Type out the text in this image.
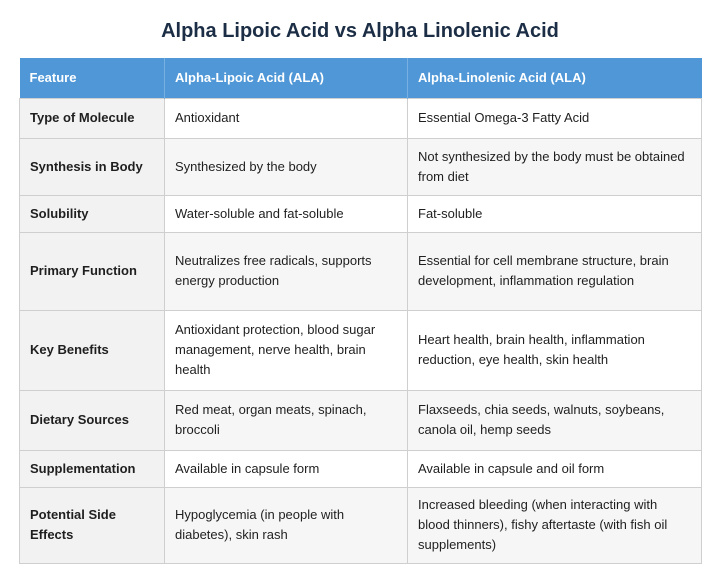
Alpha Lipoic Acid vs Alpha Linolenic Acid
Feature	Alpha-Lipoic Acid (ALA)	Alpha-Linolenic Acid (ALA)
Type of Molecule	Antioxidant	Essential Omega-3 Fatty Acid
Synthesis in Body	Synthesized by the body	Not synthesized by the body must be obtained from diet
Solubility	Water-soluble and fat-soluble	Fat-soluble
Primary Function	Neutralizes free radicals, supports energy production	Essential for cell membrane structure, brain development, inflammation regulation
Key Benefits	Antioxidant protection, blood sugar management, nerve health, brain health	Heart health, brain health, inflammation reduction, eye health, skin health
Dietary Sources	Red meat, organ meats, spinach, broccoli	Flaxseeds, chia seeds, walnuts, soybeans, canola oil, hemp seeds
Supplementation	Available in capsule form	Available in capsule and oil form
Potential Side Effects	Hypoglycemia (in people with diabetes), skin rash	Increased bleeding (when interacting with blood thinners), fishy aftertaste (with fish oil supplements)
